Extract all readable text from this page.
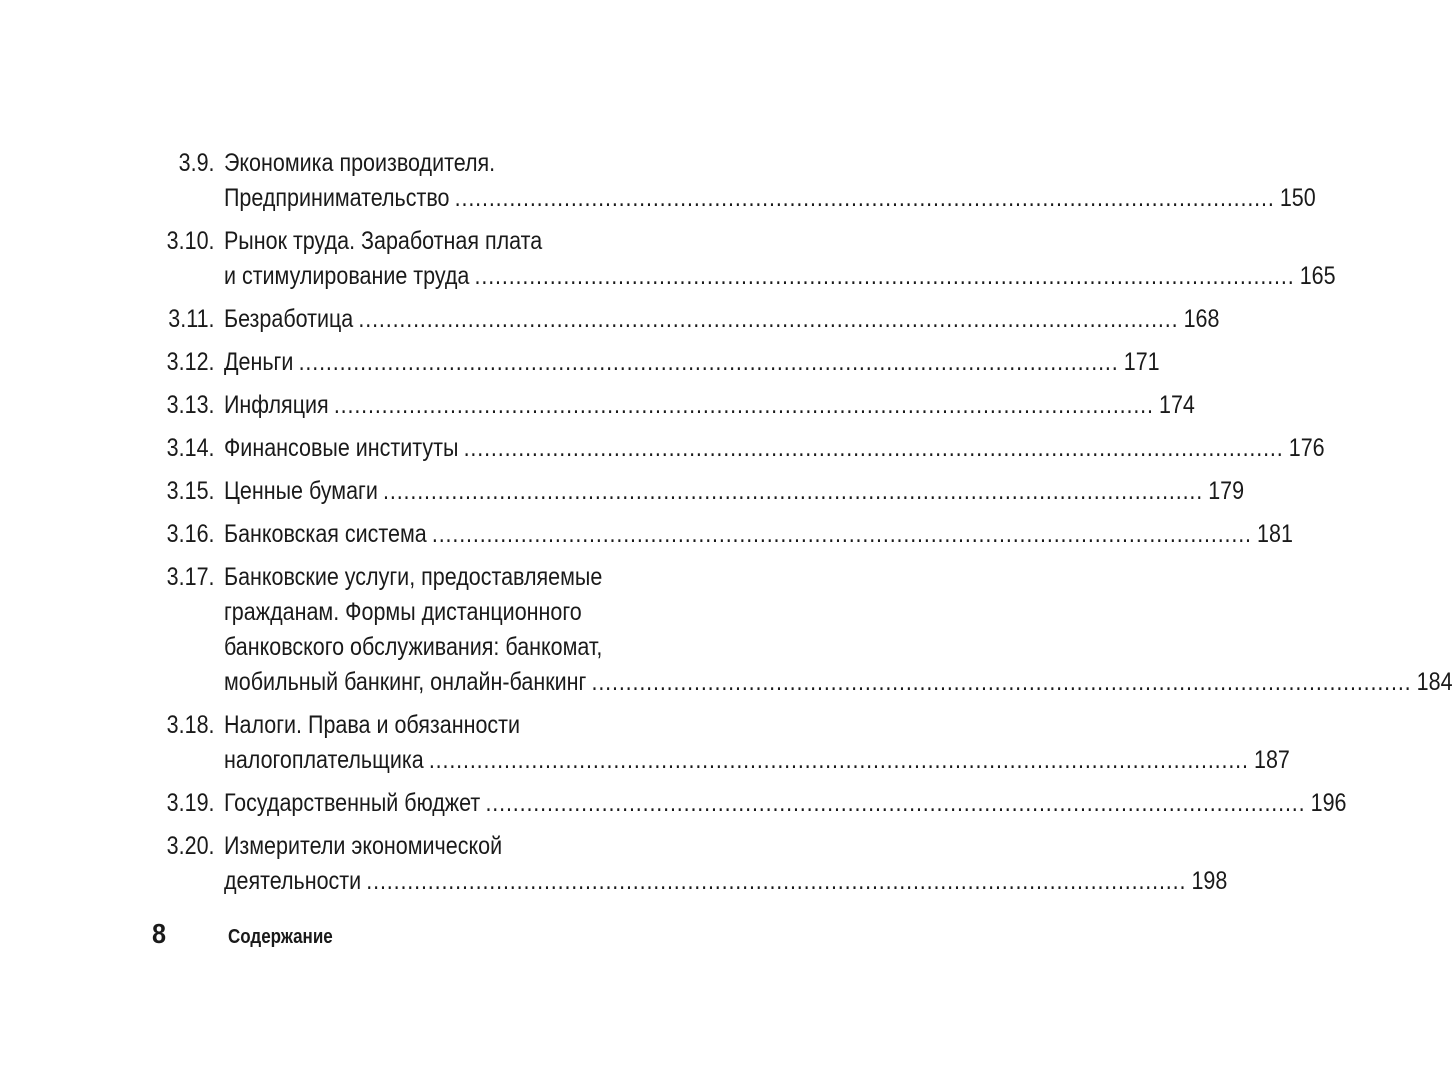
3.9. Экономика производителя.
Предпринимательство .....	150
3.10. Рынок труда. Заработная плата
и стимулирование труда .....	165
3.11. Безработица .....	168
3.12. Деньги .....	171
3.13. Инфляция .....	174
3.14. Финансовые институты .....	176
3.15. Ценные бумаги .....	179
3.16. Банковская система .....	181
3.17. Банковские услуги, предоставляемые
гражданам. Формы дистанционного
банковского обслуживания: банкомат,
мобильный банкинг, онлайн-банкинг .....	184
3.18. Налоги. Права и обязанности
налогоплательщика .....	187
3.19. Государственный бюджет .....	196
3.20. Измерители экономической
деятельности .....	198
8	Содержание
